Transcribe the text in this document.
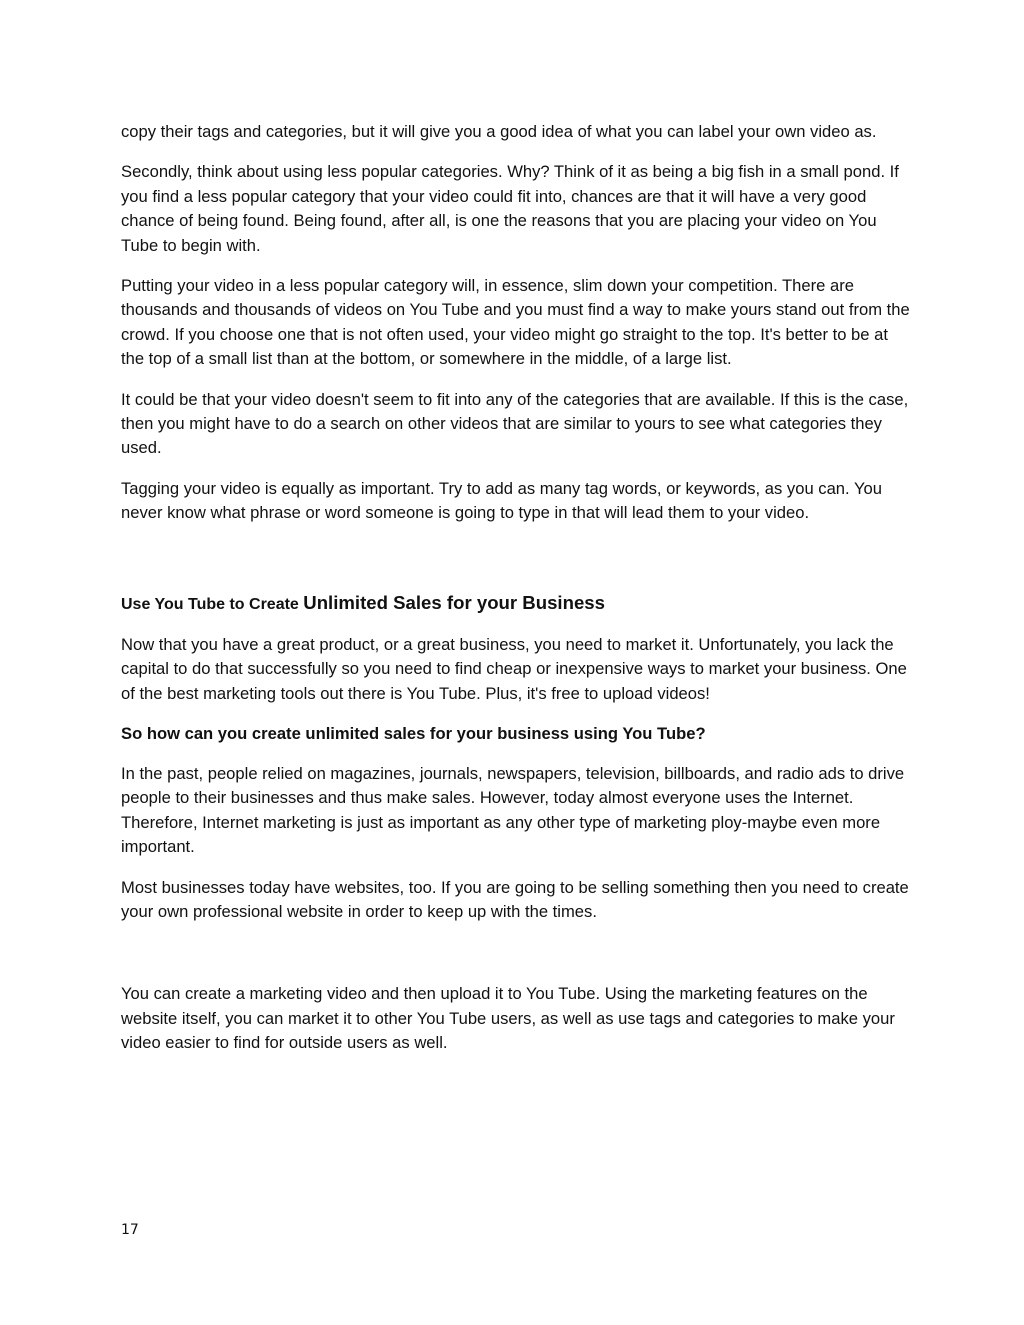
copy their tags and categories, but it will give you a good idea of what you can label your own video as.

Secondly, think about using less popular categories. Why? Think of it as being a big fish in a small pond. If you find a less popular category that your video could fit into, chances are that it will have a very good chance of being found. Being found, after all, is one the reasons that you are placing your video on You Tube to begin with.

Putting your video in a less popular category will, in essence, slim down your competition. There are thousands and thousands of videos on You Tube and you must find a way to make yours stand out from the crowd. If you choose one that is not often used, your video might go straight to the top. It's better to be at the top of a small list than at the bottom, or somewhere in the middle, of a large list.

It could be that your video doesn't seem to fit into any of the categories that are available. If this is the case, then you might have to do a search on other videos that are similar to yours to see what categories they used.

Tagging your video is equally as important. Try to add as many tag words, or keywords, as you can. You never know what phrase or word someone is going to type in that will lead them to your video.

Use You Tube to Create Unlimited Sales for your Business

Now that you have a great product, or a great business, you need to market it. Unfortunately, you lack the capital to do that successfully so you need to find cheap or inexpensive ways to market your business. One of the best marketing tools out there is You Tube. Plus, it's free to upload videos!

So how can you create unlimited sales for your business using You Tube?

In the past, people relied on magazines, journals, newspapers, television, billboards, and radio ads to drive people to their businesses and thus make sales. However, today almost everyone uses the Internet. Therefore, Internet marketing is just as important as any other type of marketing ploy-maybe even more important.

Most businesses today have websites, too. If you are going to be selling something then you need to create your own professional website in order to keep up with the times.

You can create a marketing video and then upload it to You Tube. Using the marketing features on the website itself, you can market it to other You Tube users, as well as use tags and categories to make your video easier to find for outside users as well.

17
